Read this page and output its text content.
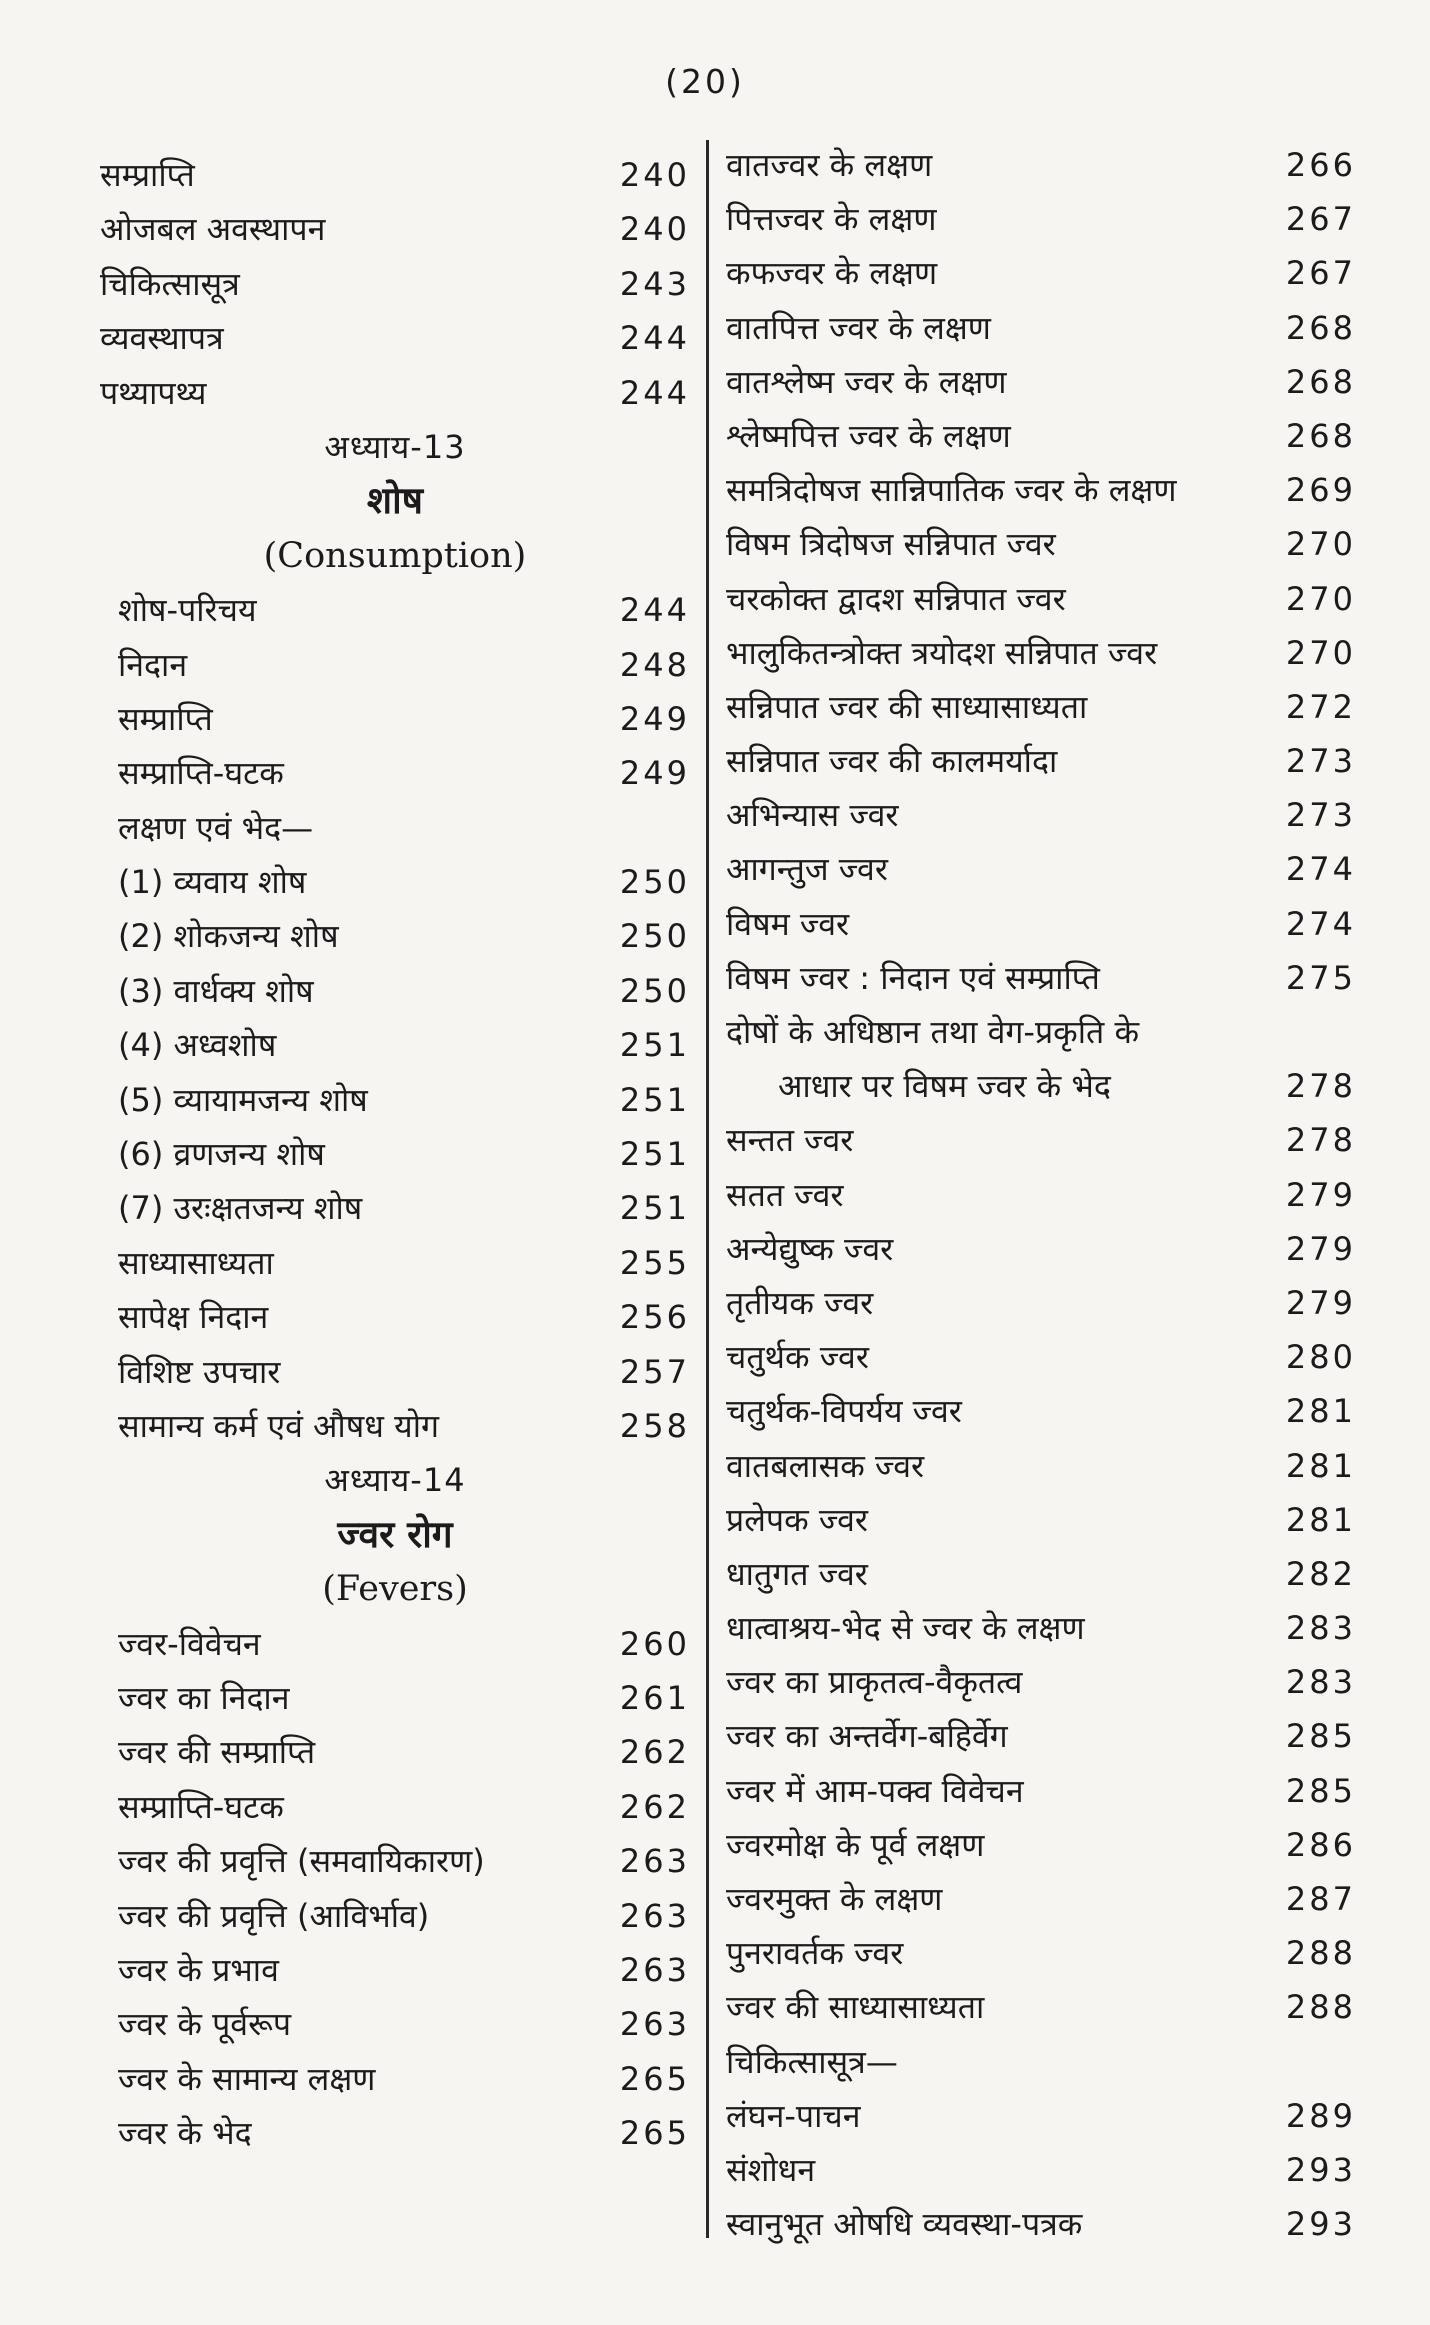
(20)
सम्प्राप्ति	240
ओजबल अवस्थापन	240
चिकित्सासूत्र	243
व्यवस्थापत्र	244
पथ्यापथ्य	244
अध्याय-13
शोष
(Consumption)
शोष-परिचय	244
निदान	248
सम्प्राप्ति	249
सम्प्राप्ति-घटक	249
लक्षण एवं भेद—
(1) व्यवाय शोष	250
(2) शोकजन्य शोष	250
(3) वार्धक्य शोष	250
(4) अध्वशोष	251
(5) व्यायामजन्य शोष	251
(6) व्रणजन्य शोष	251
(7) उरःक्षतजन्य शोष	251
साध्यासाध्यता	255
सापेक्ष निदान	256
विशिष्ट उपचार	257
सामान्य कर्म एवं औषध योग	258
अध्याय-14
ज्वर रोग
(Fevers)
ज्वर-विवेचन	260
ज्वर का निदान	261
ज्वर की सम्प्राप्ति	262
सम्प्राप्ति-घटक	262
ज्वर की प्रवृत्ति (समवायिकारण)	263
ज्वर की प्रवृत्ति (आविर्भाव)	263
ज्वर के प्रभाव	263
ज्वर के पूर्वरूप	263
ज्वर के सामान्य लक्षण	265
ज्वर के भेद	265
वातज्वर के लक्षण	266
पित्तज्वर के लक्षण	267
कफज्वर के लक्षण	267
वातपित्त ज्वर के लक्षण	268
वातश्लेष्म ज्वर के लक्षण	268
श्लेष्मपित्त ज्वर के लक्षण	268
समत्रिदोषज सान्निपातिक ज्वर के लक्षण	269
विषम त्रिदोषज सन्निपात ज्वर	270
चरकोक्त द्वादश सन्निपात ज्वर	270
भालुकितन्त्रोक्त त्रयोदश सन्निपात ज्वर	270
सन्निपात ज्वर की साध्यासाध्यता	272
सन्निपात ज्वर की कालमर्यादा	273
अभिन्यास ज्वर	273
आगन्तुज ज्वर	274
विषम ज्वर	274
विषम ज्वर : निदान एवं सम्प्राप्ति	275
दोषों के अधिष्ठान तथा वेग-प्रकृति के
आधार पर विषम ज्वर के भेद	278
सन्तत ज्वर	278
सतत ज्वर	279
अन्येद्युष्क ज्वर	279
तृतीयक ज्वर	279
चतुर्थक ज्वर	280
चतुर्थक-विपर्यय ज्वर	281
वातबलासक ज्वर	281
प्रलेपक ज्वर	281
धातुगत ज्वर	282
धात्वाश्रय-भेद से ज्वर के लक्षण	283
ज्वर का प्राकृतत्व-वैकृतत्व	283
ज्वर का अन्तर्वेग-बहिर्वेग	285
ज्वर में आम-पक्व विवेचन	285
ज्वरमोक्ष के पूर्व लक्षण	286
ज्वरमुक्त के लक्षण	287
पुनरावर्तक ज्वर	288
ज्वर की साध्यासाध्यता	288
चिकित्सासूत्र—
लंघन-पाचन	289
संशोधन	293
स्वानुभूत ओषधि व्यवस्था-पत्रक	293
